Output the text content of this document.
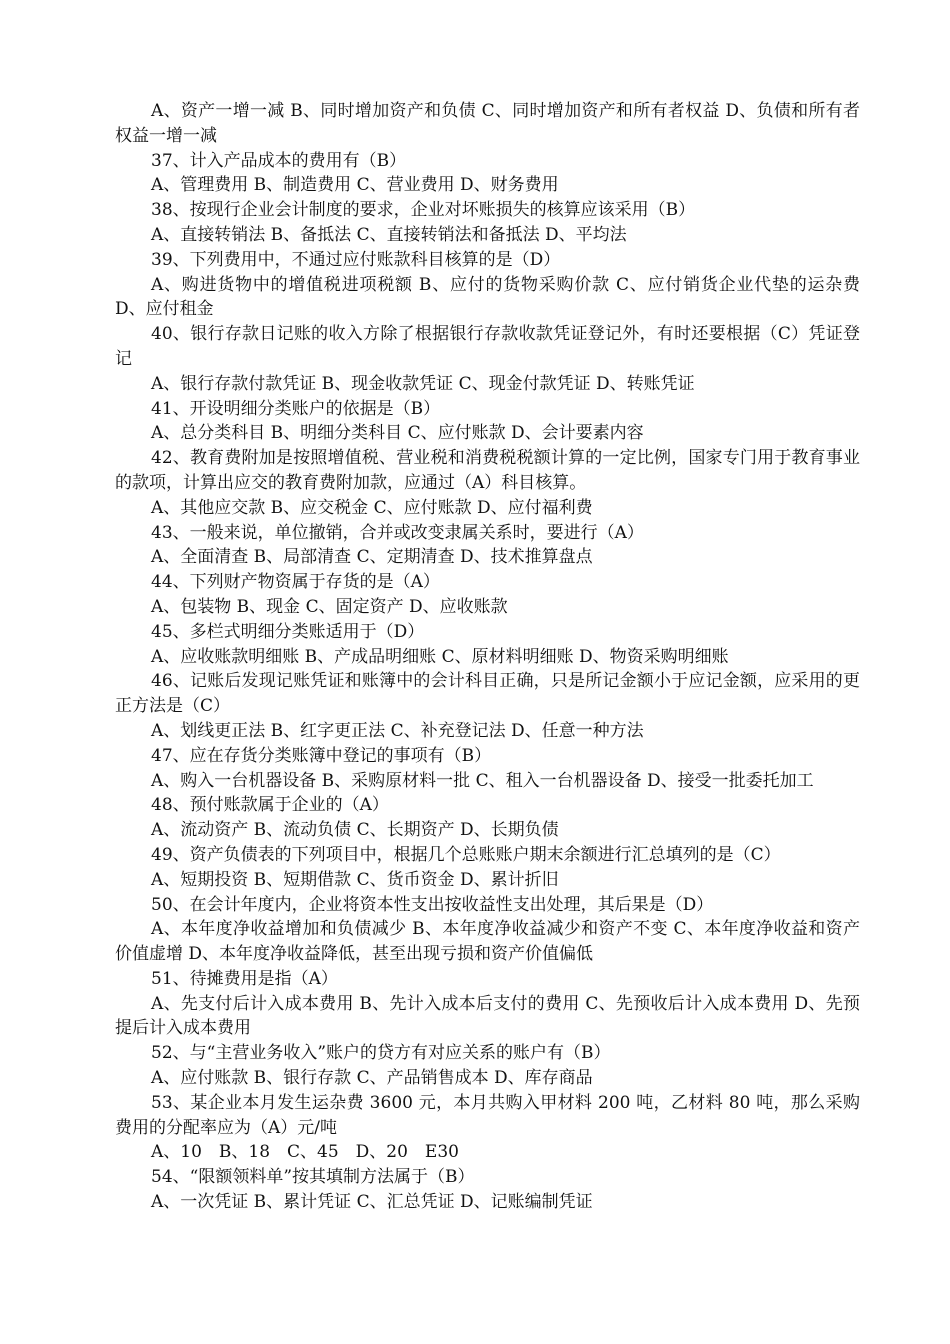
A、资产一增一减 B、同时增加资产和负债 C、同时增加资产和所有者权益 D、负债和所有者权益一增一减

37、计入产品成本的费用有（B）

A、管理费用 B、制造费用 C、营业费用 D、财务费用

38、按现行企业会计制度的要求，企业对坏账损失的核算应该采用（B）

A、直接转销法 B、备抵法 C、直接转销法和备抵法 D、平均法

39、下列费用中，不通过应付账款科目核算的是（D）

A、购进货物中的增值税进项税额 B、应付的货物采购价款 C、应付销货企业代垫的运杂费 D、应付租金

40、银行存款日记账的收入方除了根据银行存款收款凭证登记外，有时还要根据（C）凭证登记

A、银行存款付款凭证 B、现金收款凭证 C、现金付款凭证 D、转账凭证

41、开设明细分类账户的依据是（B）

A、总分类科目 B、明细分类科目 C、应付账款 D、会计要素内容

42、教育费附加是按照增值税、营业税和消费税税额计算的一定比例，国家专门用于教育事业的款项，计算出应交的教育费附加款，应通过（A）科目核算。

A、其他应交款 B、应交税金 C、应付账款 D、应付福利费

43、一般来说，单位撤销，合并或改变隶属关系时，要进行（A）

A、全面清查 B、局部清查 C、定期清查 D、技术推算盘点

44、下列财产物资属于存货的是（A）

A、包装物 B、现金 C、固定资产 D、应收账款

45、多栏式明细分类账适用于（D）

A、应收账款明细账 B、产成品明细账 C、原材料明细账 D、物资采购明细账

46、记账后发现记账凭证和账簿中的会计科目正确，只是所记金额小于应记金额，应采用的更正方法是（C）

A、划线更正法 B、红字更正法 C、补充登记法 D、任意一种方法

47、应在存货分类账簿中登记的事项有（B）

A、购入一台机器设备 B、采购原材料一批 C、租入一台机器设备 D、接受一批委托加工

48、预付账款属于企业的（A）

A、流动资产 B、流动负债 C、长期资产 D、长期负债

49、资产负债表的下列项目中，根据几个总账账户期末余额进行汇总填列的是（C）

A、短期投资 B、短期借款 C、货币资金 D、累计折旧

50、在会计年度内，企业将资本性支出按收益性支出处理，其后果是（D）

A、本年度净收益增加和负债减少 B、本年度净收益减少和资产不变 C、本年度净收益和资产价值虚增 D、本年度净收益降低，甚至出现亏损和资产价值偏低

51、待摊费用是指（A）

A、先支付后计入成本费用 B、先计入成本后支付的费用 C、先预收后计入成本费用 D、先预提后计入成本费用

52、与“主营业务收入”账户的贷方有对应关系的账户有（B）

A、应付账款 B、银行存款 C、产品销售成本 D、库存商品

53、某企业本月发生运杂费 3600 元，本月共购入甲材料 200 吨，乙材料 80 吨，那么采购费用的分配率应为（A）元/吨

A、10　B、18　C、45　D、20　E30

54、“限额领料单”按其填制方法属于（B）

A、一次凭证 B、累计凭证 C、汇总凭证 D、记账编制凭证
